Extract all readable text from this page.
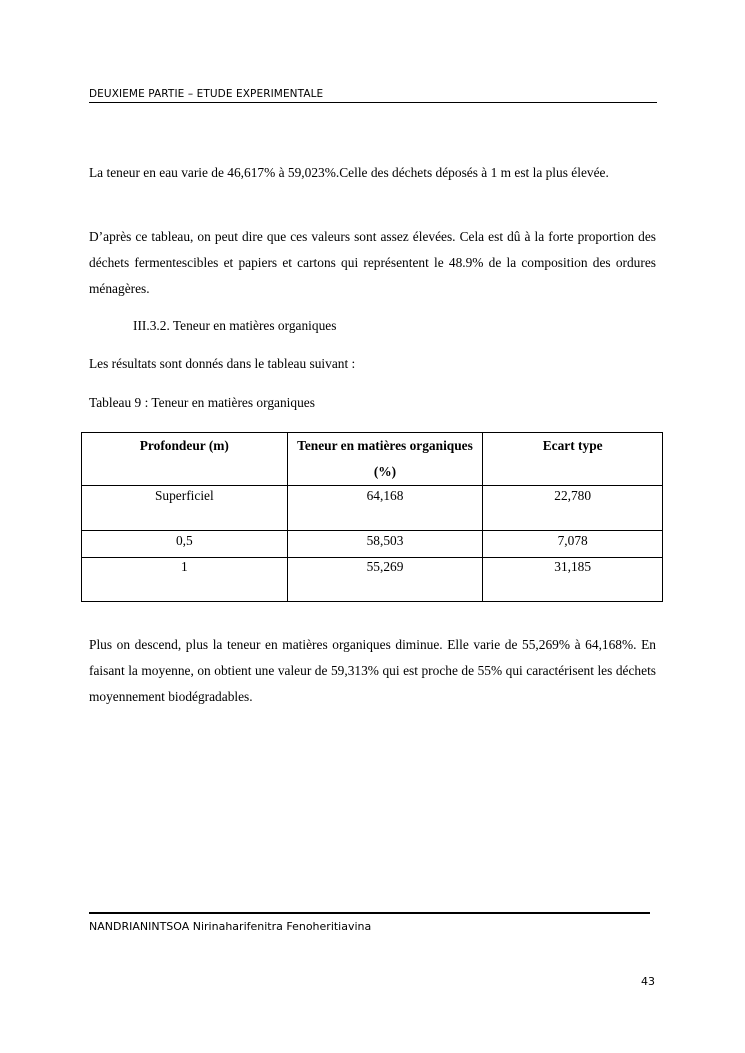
DEUXIEME PARTIE – ETUDE EXPERIMENTALE

La teneur en eau varie de 46,617% à 59,023%.Celle des déchets déposés à 1 m est la plus élevée.

D’après ce tableau, on peut dire que ces valeurs sont assez élevées. Cela est dû à la forte proportion des déchets fermentescibles et papiers et cartons qui représentent le 48.9% de la composition des ordures ménagères.

III.3.2. Teneur en matières organiques

Les résultats sont donnés dans le tableau suivant :

Tableau 9 : Teneur en matières organiques

Profondeur (m)	Teneur en matières organiques (%)	Ecart type
Superficiel	64,168	22,780
0,5	58,503	7,078
1	55,269	31,185

Plus on descend, plus la teneur en matières organiques diminue. Elle varie de 55,269% à 64,168%. En faisant la moyenne, on obtient une valeur de 59,313% qui est proche de 55% qui caractérisent les déchets moyennement biodégradables.

NANDRIANINTSOA Nirinaharifenitra Fenoheritiavina
43
